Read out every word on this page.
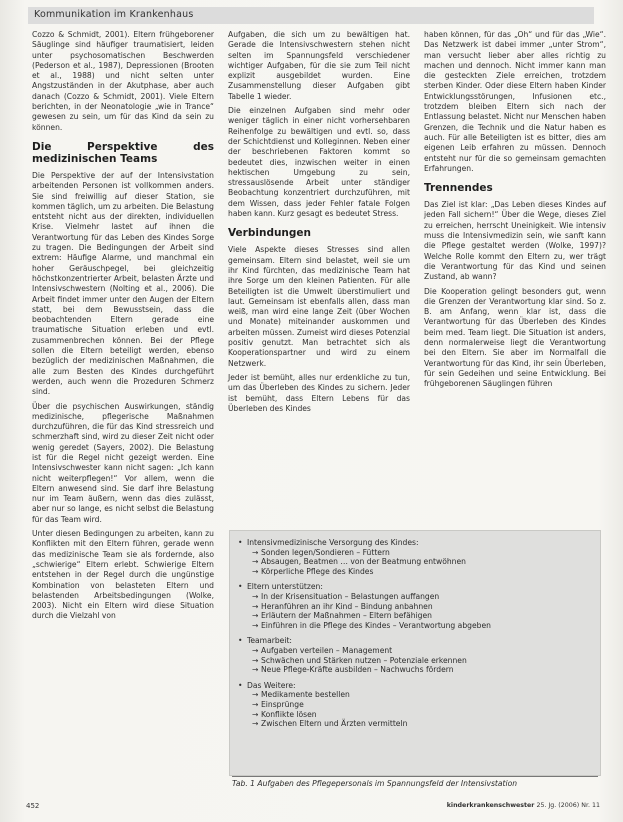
Kommunikation im Krankenhaus

Cozzo & Schmidt, 2001). Eltern frühgeborener Säuglinge sind häufiger traumatisiert, leiden unter psychosomatischen Beschwerden (Pederson et al., 1987), Depressionen (Brooten et al., 1988) und nicht selten unter Angstzuständen in der Akutphase, aber auch danach (Cozzo & Schmidt, 2001). Viele Eltern berichten, in der Neonatologie „wie in Trance“ gewesen zu sein, um für das Kind da sein zu können.

Die Perspektive des medizinischen Teams

Die Perspektive der auf der Intensivstation arbeitenden Personen ist vollkommen anders. Sie sind freiwillig auf dieser Station, sie kommen täglich, um zu arbeiten. Die Belastung entsteht nicht aus der direkten, individuellen Krise. Vielmehr lastet auf ihnen die Verantwortung für das Leben des Kindes Sorge zu tragen. Die Bedingungen der Arbeit sind extrem: Häufige Alarme, und manchmal ein hoher Geräuschpegel, bei gleichzeitig höchstkonzentrierter Arbeit, belasten Ärzte und Intensivschwestern (Nolting et al., 2006). Die Arbeit findet immer unter den Augen der Eltern statt, bei dem Bewusstsein, dass die beobachtenden Eltern gerade eine traumatische Situation erleben und evtl. zusammenbrechen können. Bei der Pflege sollen die Eltern beteiligt werden, ebenso bezüglich der medizinischen Maßnahmen, die alle zum Besten des Kindes durchgeführt werden, auch wenn die Prozeduren Schmerz sind.

Über die psychischen Auswirkungen, ständig medizinische, pflegerische Maßnahmen durchzuführen, die für das Kind stressreich und schmerzhaft sind, wird zu dieser Zeit nicht oder wenig geredet (Sayers, 2002). Die Belastung ist für die Regel nicht gezeigt werden. Eine Intensivschwester kann nicht sagen: „Ich kann nicht weiterpflegen!“ Vor allem, wenn die Eltern anwesend sind. Sie darf ihre Belastung nur im Team äußern, wenn das dies zulässt, aber nur so lange, es nicht selbst die Belastung für das Team wird.

Unter diesen Bedingungen zu arbeiten, kann zu Konflikten mit den Eltern führen, gerade wenn das medizinische Team sie als fordernde, also „schwierige“ Eltern erlebt. Schwierige Eltern entstehen in der Regel durch die ungünstige Kombination von belasteten Eltern und belastenden Arbeitsbedingungen (Wolke, 2003). Nicht ein Eltern wird diese Situation durch die Vielzahl von

Aufgaben, die sich um zu bewältigen hat. Gerade die Intensivschwestern stehen nicht selten im Spannungsfeld verschiedener wichtiger Aufgaben, für die sie zum Teil nicht explizit ausgebildet wurden. Eine Zusammenstellung dieser Aufgaben gibt Tabelle 1 wieder.

Die einzelnen Aufgaben sind mehr oder weniger täglich in einer nicht vorhersehbaren Reihenfolge zu bewältigen und evtl. so, dass der Schichtdienst und Kolleginnen. Neben einer der beschriebenen Faktoren kommt so bedeutet dies, inzwischen weiter in einen hektischen Umgebung zu sein, stressauslösende Arbeit unter ständiger Beobachtung konzentriert durchzuführen, mit dem Wissen, dass jeder Fehler fatale Folgen haben kann. Kurz gesagt es bedeutet Stress.

Verbindungen

Viele Aspekte dieses Stresses sind allen gemeinsam. Eltern sind belastet, weil sie um ihr Kind fürchten, das medizinische Team hat ihre Sorge um den kleinen Patienten. Für alle Beteiligten ist die Umwelt überstimuliert und laut. Gemeinsam ist ebenfalls allen, dass man weiß, man wird eine lange Zeit (über Wochen und Monate) miteinander auskommen und arbeiten müssen. Zumeist wird dieses Potenzial positiv genutzt. Man betrachtet sich als Kooperationspartner und wird zu einem Netzwerk.

Jeder ist bemüht, alles nur erdenkliche zu tun, um das Überleben des Kindes zu sichern. Jeder ist bemüht, dass Eltern Lebens für das Überleben des Kindes

haben können, für das „Oh“ und für das „Wie“. Das Netzwerk ist dabei immer „unter Strom“, man versucht lieber aber alles richtig zu machen und dennoch. Nicht immer kann man die gesteckten Ziele erreichen, trotzdem sterben Kinder. Oder diese Eltern haben Kinder Entwicklungsstörungen, Infusionen etc., trotzdem bleiben Eltern sich nach der Entlassung belastet. Nicht nur Menschen haben Grenzen, die Technik und die Natur haben es auch. Für alle Beteiligten ist es bitter, dies am eigenen Leib erfahren zu müssen. Dennoch entsteht nur für die so gemeinsam gemachten Erfahrungen.

Trennendes

Das Ziel ist klar: „Das Leben dieses Kindes auf jeden Fall sichern!“ Über die Wege, dieses Ziel zu erreichen, herrscht Uneinigkeit. Wie intensiv muss die Intensivmedizin sein, wie sanft kann die Pflege gestaltet werden (Wolke, 1997)? Welche Rolle kommt den Eltern zu, wer trägt die Verantwortung für das Kind und seinen Zustand, ab wann?

Die Kooperation gelingt besonders gut, wenn die Grenzen der Verantwortung klar sind. So z. B. am Anfang, wenn klar ist, dass die Verantwortung für das Überleben des Kindes beim med. Team liegt. Die Situation ist anders, denn normalerweise liegt die Verantwortung bei den Eltern. Sie aber im Normalfall die Verantwortung für das Kind, ihr sein Überleben, für sein Gedeihen und seine Entwicklung. Bei frühgeborenen Säuglingen führen

• Intensivmedizinische Versorgung des Kindes:
→ Sonden legen/Sondieren – Füttern
→ Absaugen, Beatmen … von der Beatmung entwöhnen
→ Körperliche Pflege des Kindes
• Eltern unterstützen:
→ In der Krisensituation – Belastungen auffangen
→ Heranführen an ihr Kind – Bindung anbahnen
→ Erläutern der Maßnahmen – Eltern befähigen
→ Einführen in die Pflege des Kindes – Verantwortung abgeben
• Teamarbeit:
→ Aufgaben verteilen – Management
→ Schwächen und Stärken nutzen – Potenziale erkennen
→ Neue Pflege-Kräfte ausbilden – Nachwuchs fördern
• Das Weitere:
→ Medikamente bestellen
→ Einsprünge
→ Konflikte lösen
→ Zwischen Eltern und Ärzten vermitteln
Tab. 1 Aufgaben des Pflegepersonals im Spannungsfeld der Intensivstation
452	kinderkrankenschwester 25. Jg. (2006) Nr. 11
